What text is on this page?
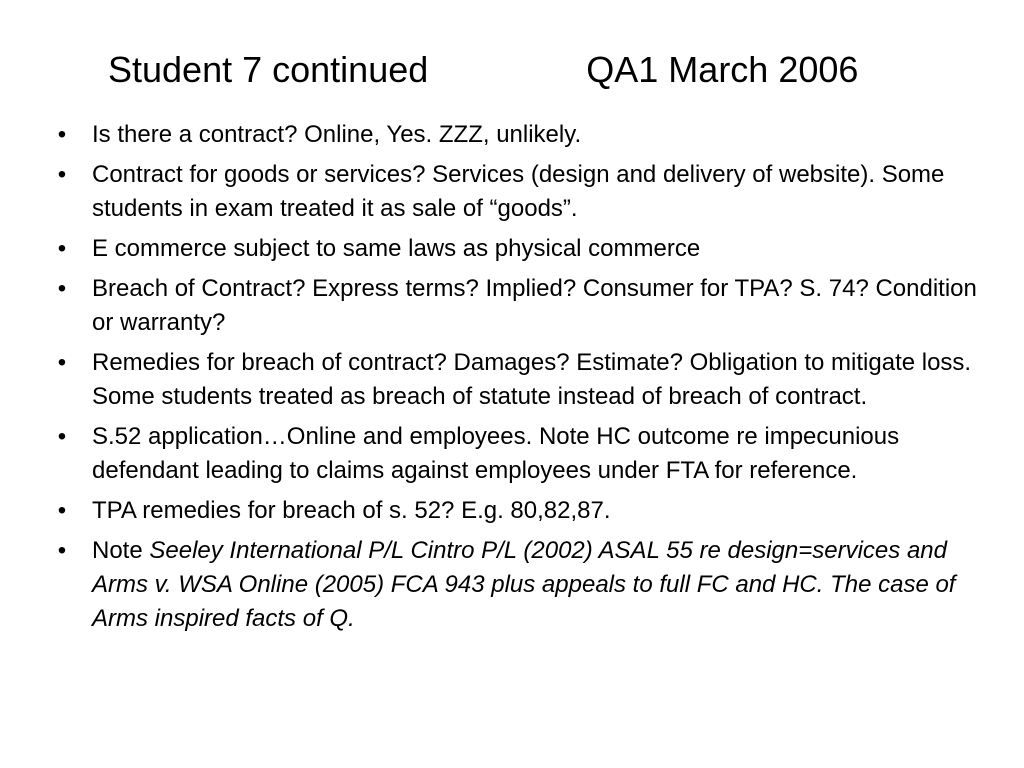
Student 7 continued	QA1 March 2006
• Is there a contract? Online, Yes. ZZZ, unlikely.
• Contract for goods or services? Services (design and delivery of website). Some students in exam treated it as sale of “goods”.
• E commerce subject to same laws as physical commerce
• Breach of Contract? Express terms? Implied? Consumer for TPA? S. 74? Condition or warranty?
• Remedies for breach of contract? Damages? Estimate? Obligation to mitigate loss. Some students treated as breach of statute instead of breach of contract.
• S.52 application…Online and employees. Note HC outcome re impecunious defendant leading to claims against employees under FTA for reference.
• TPA remedies for breach of s. 52? E.g. 80,82,87.
• Note Seeley International P/L Cintro P/L (2002) ASAL 55 re design=services and Arms v. WSA Online (2005) FCA 943 plus appeals to full FC and HC. The case of Arms inspired facts of Q.
